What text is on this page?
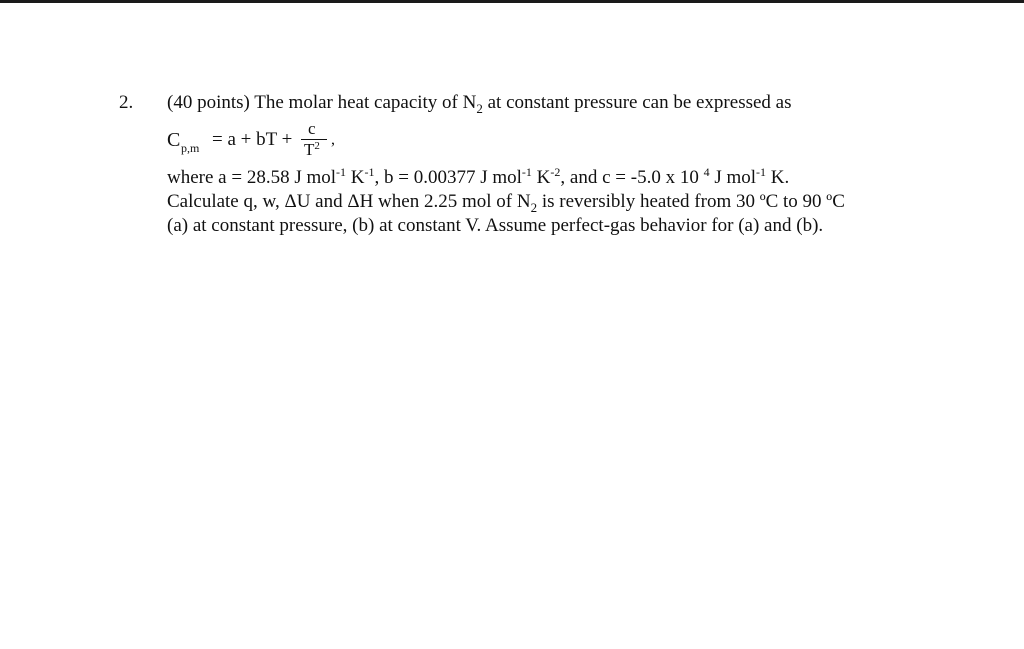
2. (40 points) The molar heat capacity of $N_2$ at constant pressure can be expressed as
C p,m = a + bT +
c
$T^2$ ,
where a = 28.58 J mol$^{-1}$ $K^{-1}$, b = 0.00377 J mol$^{-1}$ $K^{-2}$, and c = -5.0 x 10 $^4$ J mol$^{-1}$ K.
Calculate q, w, ΔU and ΔH when 2.25 mol of $N_2$ is reversibly heated from 30 ºC to 90 ºC
(a) at constant pressure, (b) at constant V. Assume perfect-gas behavior for (a) and (b).
